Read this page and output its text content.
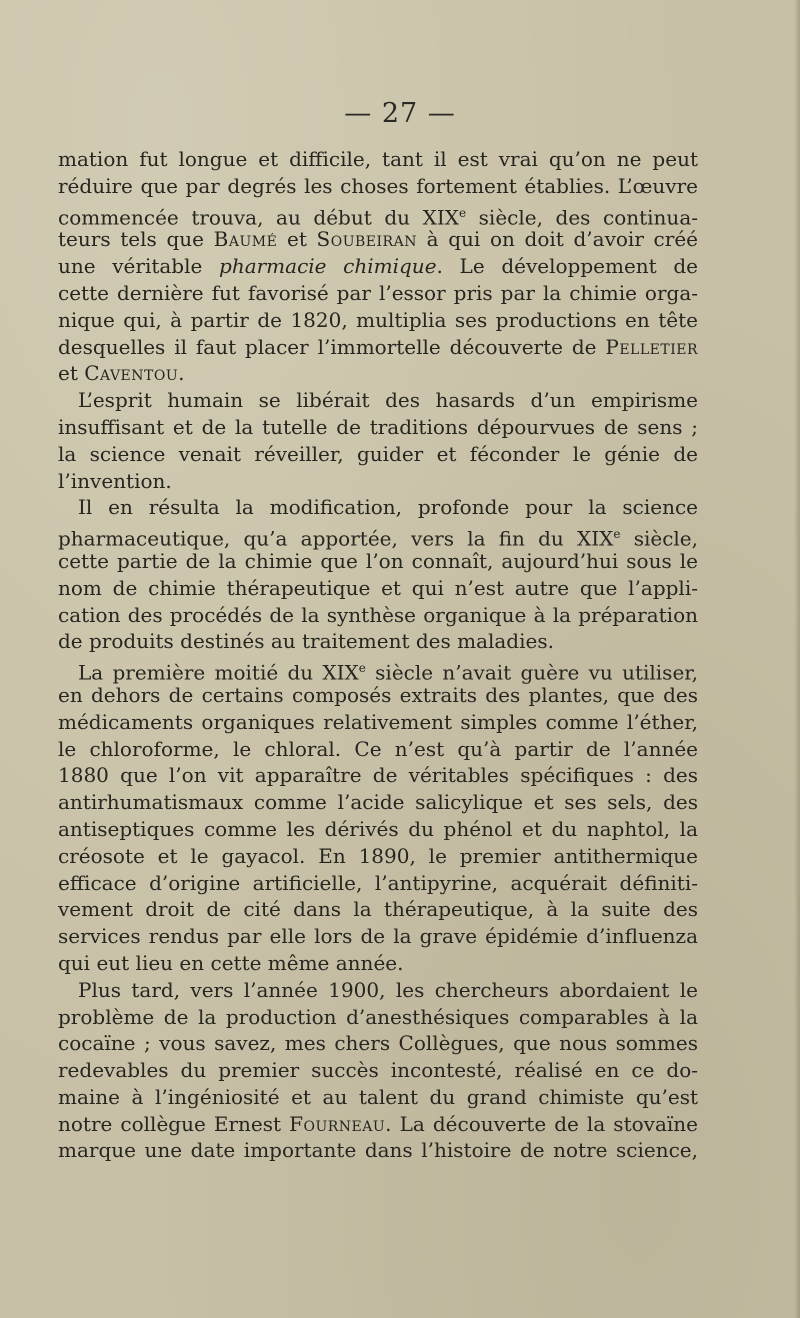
— 27 —
mation fut longue et difficile, tant il est vrai qu’on ne peut
réduire que par degrés les choses fortement établies. L’œuvre
commencée trouva, au début du XIXe siècle, des continua-
teurs tels que Baumé et Soubeiran à qui on doit d’avoir créé
une véritable pharmacie chimique. Le développement de
cette dernière fut favorisé par l’essor pris par la chimie orga-
nique qui, à partir de 1820, multiplia ses productions en tête
desquelles il faut placer l’immortelle découverte de Pelletier
et Caventou.
L’esprit humain se libérait des hasards d’un empirisme
insuffisant et de la tutelle de traditions dépourvues de sens ;
la science venait réveiller, guider et féconder le génie de
l’invention.
Il en résulta la modification, profonde pour la science
pharmaceutique, qu’a apportée, vers la fin du XIXe siècle,
cette partie de la chimie que l’on connaît, aujourd’hui sous le
nom de chimie thérapeutique et qui n’est autre que l’appli-
cation des procédés de la synthèse organique à la préparation
de produits destinés au traitement des maladies.
La première moitié du XIXe siècle n’avait guère vu utiliser,
en dehors de certains composés extraits des plantes, que des
médicaments organiques relativement simples comme l’éther,
le chloroforme, le chloral. Ce n’est qu’à partir de l’année
1880 que l’on vit apparaître de véritables spécifiques : des
antirhumatismaux comme l’acide salicylique et ses sels, des
antiseptiques comme les dérivés du phénol et du naphtol, la
créosote et le gayacol. En 1890, le premier antithermique
efficace d’origine artificielle, l’antipyrine, acquérait définiti-
vement droit de cité dans la thérapeutique, à la suite des
services rendus par elle lors de la grave épidémie d’influenza
qui eut lieu en cette même année.
Plus tard, vers l’année 1900, les chercheurs abordaient le
problème de la production d’anesthésiques comparables à la
cocaïne ; vous savez, mes chers Collègues, que nous sommes
redevables du premier succès incontesté, réalisé en ce do-
maine à l’ingéniosité et au talent du grand chimiste qu’est
notre collègue Ernest Fourneau. La découverte de la stovaïne
marque une date importante dans l’histoire de notre science,
